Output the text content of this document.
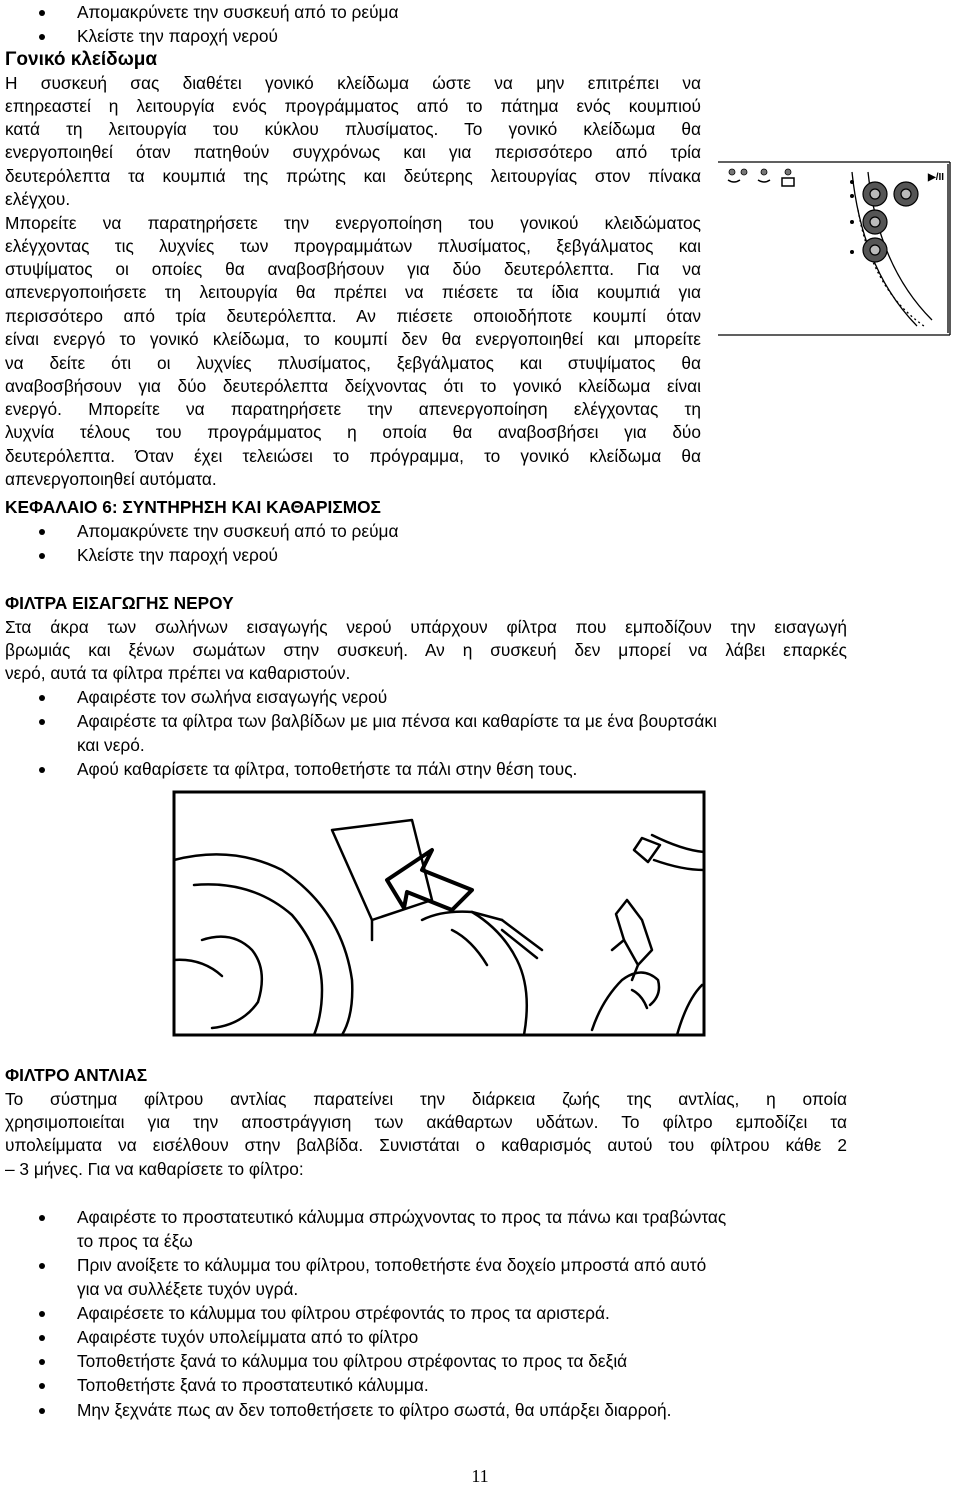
Απομακρύνετε την συσκευή από το ρεύμα
Κλείστε την παροχή νερού
Γονικό κλείδωμα
Η συσκευή σας διαθέτει γονικό κλείδωμα ώστε να μην επιτρέπει να
επηρεαστεί η λειτουργία ενός προγράμματος από το πάτημα ενός κουμπιού
κατά τη λειτουργία του κύκλου πλυσίματος. Το γονικό κλείδωμα θα
ενεργοποιηθεί όταν πατηθούν συγχρόνως και για περισσότερο από τρία
δευτερόλεπτα τα κουμπιά της πρώτης και δεύτερης λειτουργίας στον πίνακα
ελέγχου.
Μπορείτε να παρατηρήσετε την ενεργοποίηση του γονικού κλειδώματος
ελέγχοντας τις λυχνίες των προγραμμάτων πλυσίματος, ξεβγάλματος και
στυψίματος οι οποίες θα αναβοσβήσουν για δύο δευτερόλεπτα. Για να
απενεργοποιήσετε τη λειτουργία θα πρέπει να πιέσετε τα ίδια κουμπιά για
περισσότερο από τρία δευτερόλεπτα. Αν πιέσετε οποιοδήποτε κουμπί όταν
είναι ενεργό το γονικό κλείδωμα, το κουμπί δεν θα ενεργοποιηθεί και μπορείτε
να δείτε ότι οι λυχνίες πλυσίματος, ξεβγάλματος και στυψίματος θα
αναβοσβήσουν για δύο δευτερόλεπτα δείχνοντας ότι το γονικό κλείδωμα είναι
ενεργό. Μπορείτε να παρατηρήσετε την απενεργοποίηση ελέγχοντας τη
λυχνία τέλους του προγράμματος η οποία θα αναβοσβήσει για δύο
δευτερόλεπτα. Όταν έχει τελειώσει το πρόγραμμα, το γονικό κλείδωμα θα
απενεργοποιηθεί αυτόματα.
▶/II
ΚΕΦΑΛΑΙΟ 6: ΣΥΝΤΗΡΗΣΗ ΚΑΙ ΚΑΘΑΡΙΣΜΟΣ
Απομακρύνετε την συσκευή από το ρεύμα
Κλείστε την παροχή νερού
ΦΙΛΤΡΑ ΕΙΣΑΓΩΓΗΣ ΝΕΡΟΥ
Στα άκρα των σωλήνων εισαγωγής νερού υπάρχουν φίλτρα που εμποδίζουν την εισαγωγή
βρωμιάς και ξένων σωμάτων στην συσκευή. Αν η συσκευή δεν μπορεί να λάβει επαρκές
νερό, αυτά τα φίλτρα πρέπει να καθαριστούν.
Αφαιρέστε τον σωλήνα εισαγωγής νερού
Αφαιρέστε τα φίλτρα των βαλβίδων με μια πένσα και καθαρίστε τα με ένα βουρτσάκι
και νερό.
Αφού καθαρίσετε τα φίλτρα, τοποθετήστε τα πάλι στην θέση τους.
ΦΙΛΤΡΟ ΑΝΤΛΙΑΣ
Το σύστημα φίλτρου αντλίας παρατείνει την διάρκεια ζωής της αντλίας, η οποία
χρησιμοποιείται για την αποστράγγιση των ακάθαρτων υδάτων. Το φίλτρο εμποδίζει τα
υπολείμματα να εισέλθουν στην βαλβίδα. Συνιστάται ο καθαρισμός αυτού του φίλτρου κάθε 2
– 3 μήνες. Για να καθαρίσετε το φίλτρο:
Αφαιρέστε το προστατευτικό κάλυμμα σπρώχνοντας το προς τα πάνω και τραβώντας
το προς τα έξω
Πριν ανοίξετε το κάλυμμα του φίλτρου, τοποθετήστε ένα δοχείο μπροστά από αυτό
για να συλλέξετε τυχόν υγρά.
Αφαιρέσετε το κάλυμμα του φίλτρου στρέφοντάς το προς τα αριστερά.
Αφαιρέστε τυχόν υπολείμματα από το φίλτρο
Τοποθετήστε ξανά το κάλυμμα του φίλτρου στρέφοντας το προς τα δεξιά
Τοποθετήστε ξανά το προστατευτικό κάλυμμα.
Μην ξεχνάτε πως αν δεν τοποθετήσετε το φίλτρο σωστά, θα υπάρξει διαρροή.
11
